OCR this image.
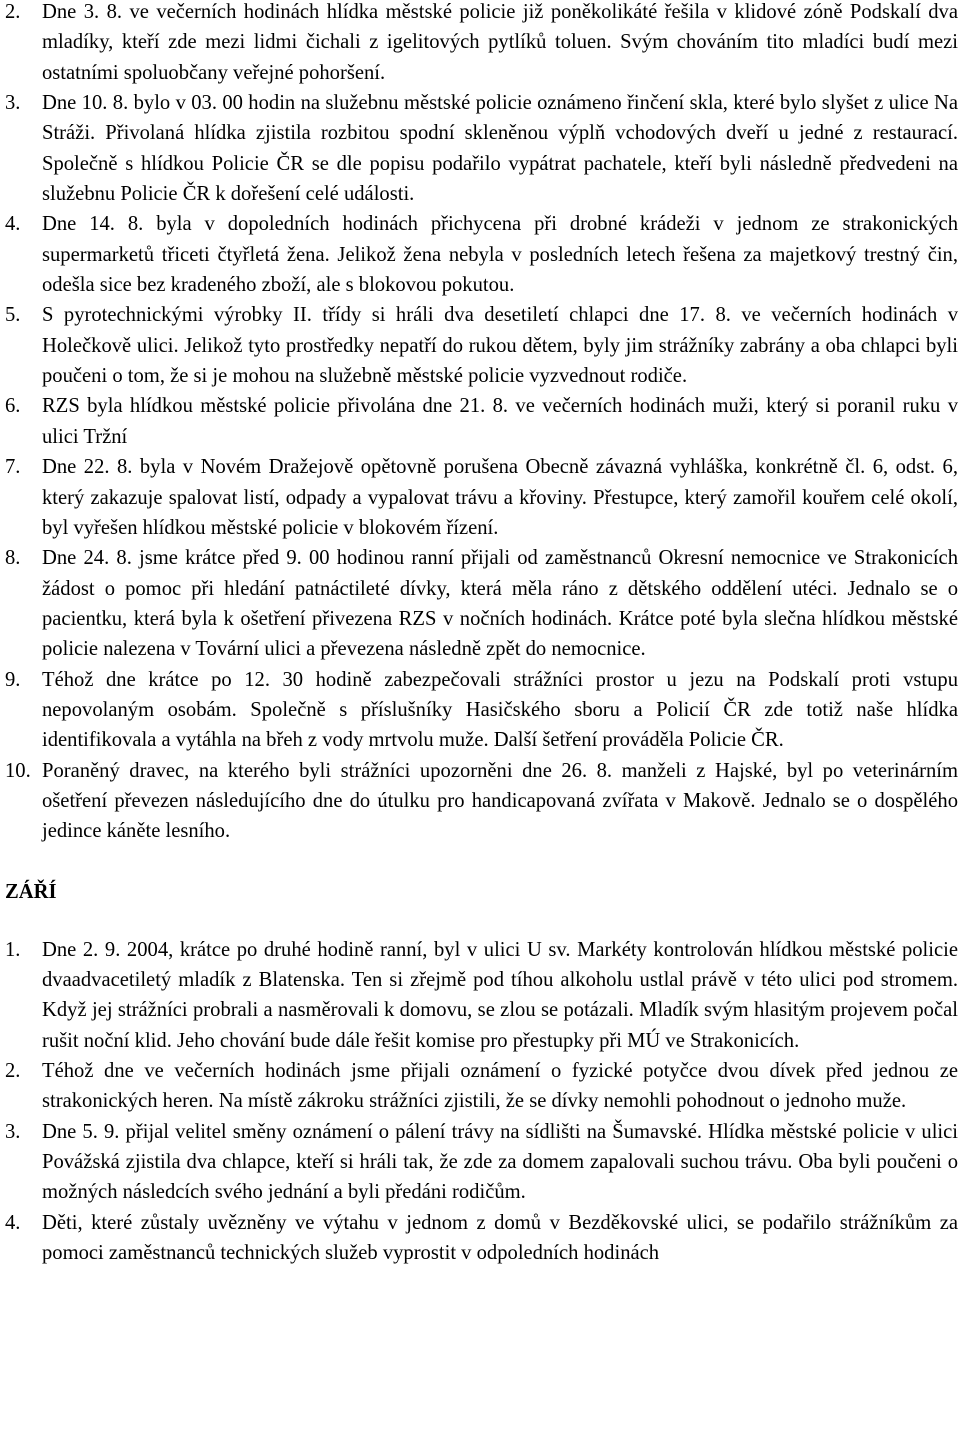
2. Dne 3. 8. ve večerních hodinách hlídka městské policie již poněkolikáté řešila v klidové zóně Podskalí dva mladíky, kteří zde mezi lidmi čichali z igelitových pytlíků toluen. Svým chováním tito mladíci budí mezi ostatními spoluobčany veřejné pohoršení.
3. Dne 10. 8. bylo v 03. 00 hodin na služebnu městské policie oznámeno řinčení skla, které bylo slyšet z ulice Na Stráži. Přivolaná hlídka zjistila rozbitou spodní skleněnou výplň vchodových dveří u jedné z restaurací. Společně s hlídkou Policie ČR se dle popisu podařilo vypátrat pachatele, kteří byli následně předvedeni na služebnu Policie ČR k dořešení celé události.
4. Dne 14. 8. byla v dopoledních hodinách přichycena při drobné krádeži v jednom ze strakonických supermarketů třiceti čtyřletá žena. Jelikož žena nebyla v posledních letech řešena za majetkový trestný čin, odešla sice bez kradeného zboží, ale s blokovou pokutou.
5. S pyrotechnickými výrobky II. třídy si hráli dva desetiletí chlapci dne 17. 8. ve večerních hodinách v Holečkově ulici. Jelikož tyto prostředky nepatří do rukou dětem, byly jim strážníky zabrány a oba chlapci byli poučeni o tom, že si je mohou na služebně městské policie vyzvednout rodiče.
6. RZS byla hlídkou městské policie přivolána dne 21. 8. ve večerních hodinách muži, který si poranil ruku v ulici Tržní
7. Dne 22. 8. byla v Novém Dražejově opětovně porušena Obecně závazná vyhláška, konkrétně čl. 6, odst. 6, který zakazuje spalovat listí, odpady a vypalovat trávu a křoviny. Přestupce, který zamořil kouřem celé okolí, byl vyřešen hlídkou městské policie v blokovém řízení.
8. Dne 24. 8. jsme krátce před 9. 00 hodinou ranní přijali od zaměstnanců Okresní nemocnice ve Strakonicích žádost o pomoc při hledání patnáctileté dívky, která měla ráno z dětského oddělení utéci. Jednalo se o pacientku, která byla k ošetření přivezena RZS v nočních hodinách. Krátce poté byla slečna hlídkou městské policie nalezena v Tovární ulici a převezena následně zpět do nemocnice.
9. Téhož dne krátce po 12. 30 hodině zabezpečovali strážníci prostor u jezu na Podskalí proti vstupu nepovolaným osobám. Společně s příslušníky Hasičského sboru a Policií ČR zde totiž naše hlídka identifikovala a vytáhla na břeh z vody mrtvolu muže. Další šetření prováděla Policie ČR.
10. Poraněný dravec, na kterého byli strážníci upozorněni dne 26. 8. manželi z Hajské, byl po veterinárním ošetření převezen následujícího dne do útulku pro handicapovaná zvířata v Makově. Jednalo se o dospělého jedince káněte lesního.
ZÁŘÍ
1. Dne 2. 9. 2004, krátce po druhé hodině ranní, byl v ulici U sv. Markéty kontrolován hlídkou městské policie dvaadvacetiletý mladík z Blatenska. Ten si zřejmě pod tíhou alkoholu ustlal právě v této ulici pod stromem. Když jej strážníci probrali a nasměrovali k domovu, se zlou se potázali. Mladík svým hlasitým projevem počal rušit noční klid. Jeho chování bude dále řešit komise pro přestupky při MÚ ve Strakonicích.
2. Téhož dne ve večerních hodinách jsme přijali oznámení o fyzické potyčce dvou dívek před jednou ze strakonických heren. Na místě zákroku strážníci zjistili, že se dívky nemohli pohodnout o jednoho muže.
3. Dne 5. 9. přijal velitel směny oznámení o pálení trávy na sídlišti na Šumavské. Hlídka městské policie v ulici Povážská zjistila dva chlapce, kteří si hráli tak, že zde za domem zapalovali suchou trávu. Oba byli poučeni o možných následcích svého jednání a byli předáni rodičům.
4. Děti, které zůstaly uvězněny ve výtahu v jednom z domů v Bezděkovské ulici, se podařilo strážníkům za pomoci zaměstnanců technických služeb vyprostit v odpoledních hodinách
